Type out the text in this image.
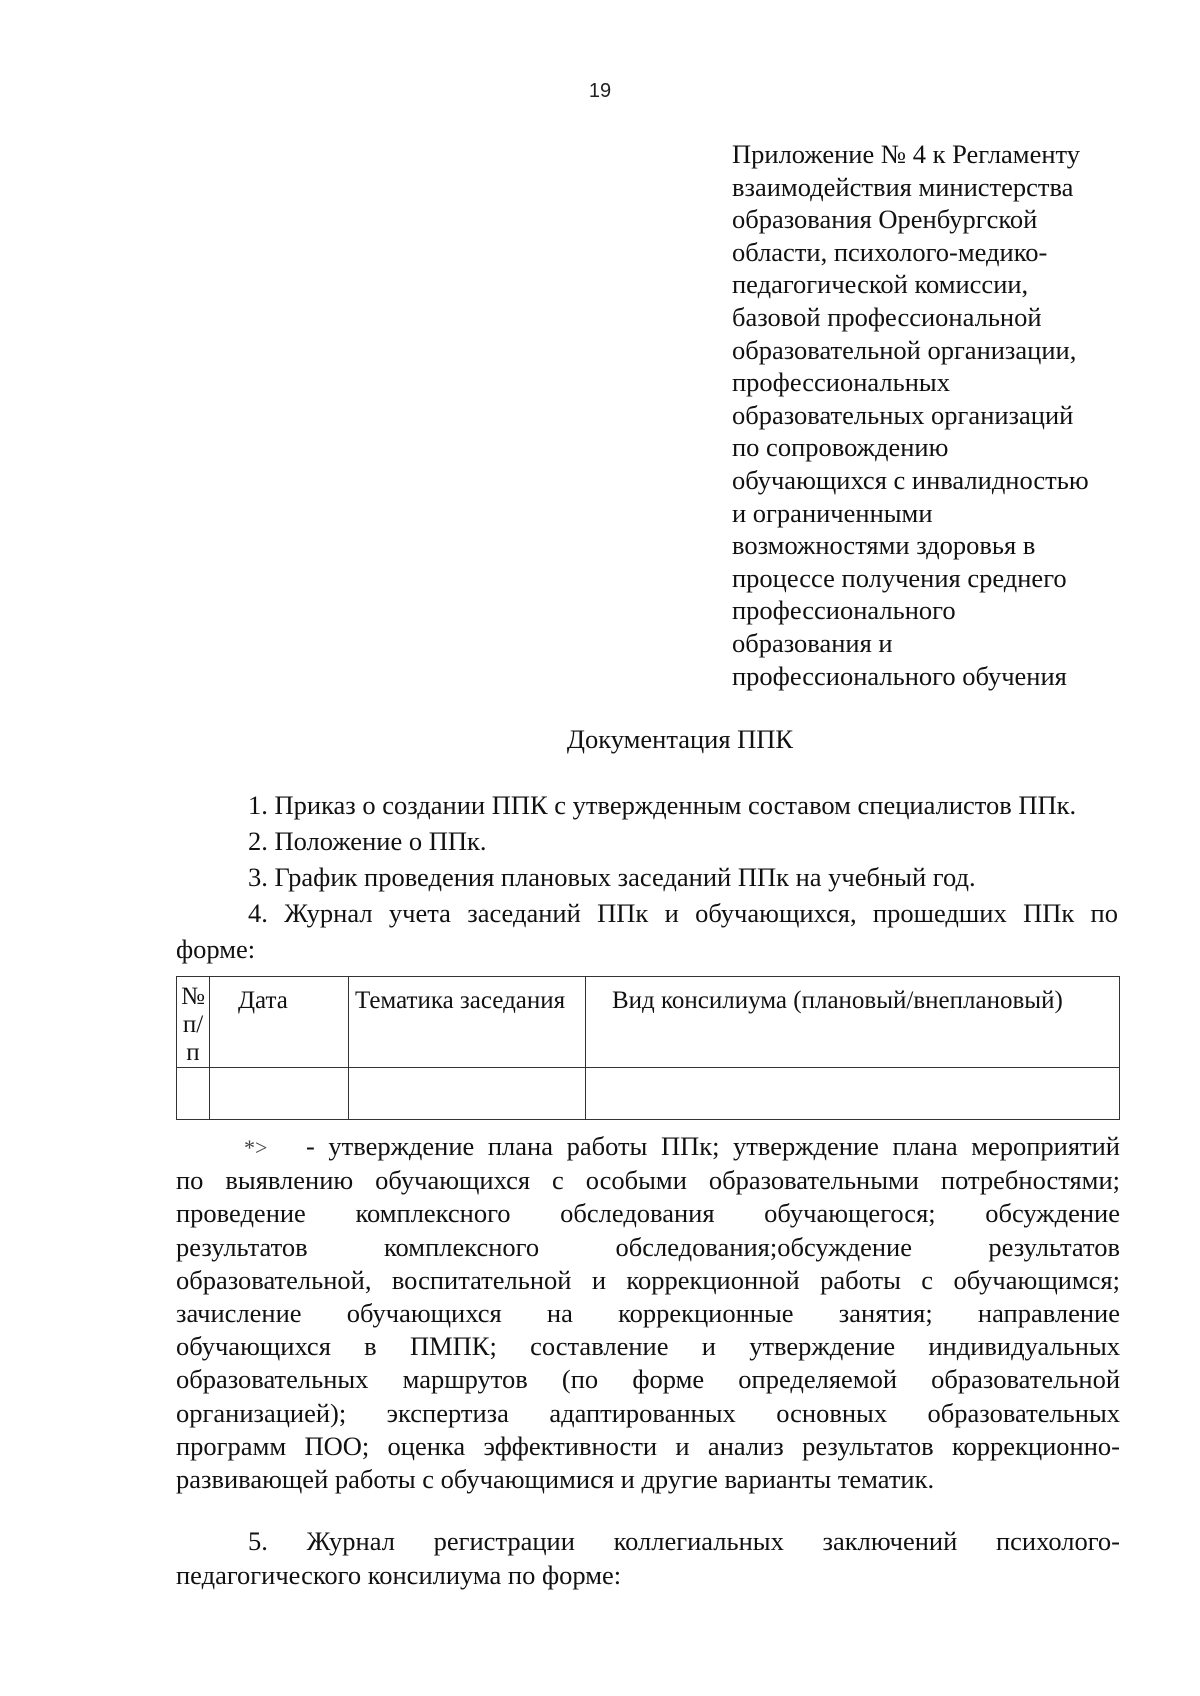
19
Приложение № 4 к Регламенту
взаимодействия министерства
образования Оренбургской
области, психолого-медико-
педагогической комиссии,
базовой профессиональной
образовательной организации,
профессиональных
образовательных организаций
по сопровождению
обучающихся с инвалидностью
и ограниченными
возможностями здоровья в
процессе получения среднего
профессионального
образования и
профессионального обучения
Документация ППК
1. Приказ о создании ППК с утвержденным составом специалистов ППк.
2. Положение о ППк.
3. График проведения плановых заседаний ППк на учебный год.
4. Журнал учета заседаний ППк и обучающихся, прошедших ППк по
форме:
№
п/п	Дата	Тематика заседания	Вид консилиума (плановый/внеплановый)

*> - утверждение плана работы ППк; утверждение плана мероприятий
по выявлению обучающихся с особыми образовательными потребностями;
проведение комплексного обследования обучающегося; обсуждение
результатов комплексного обследования;обсуждение результатов
образовательной, воспитательной и коррекционной работы с обучающимся;
зачисление обучающихся на коррекционные занятия; направление
обучающихся в ПМПК; составление и утверждение индивидуальных
образовательных маршрутов (по форме определяемой образовательной
организацией); экспертиза адаптированных основных образовательных
программ ПОО; оценка эффективности и анализ результатов коррекционно-
развивающей работы с обучающимися и другие варианты тематик.
5. Журнал регистрации коллегиальных заключений психолого-
педагогического консилиума по форме:
